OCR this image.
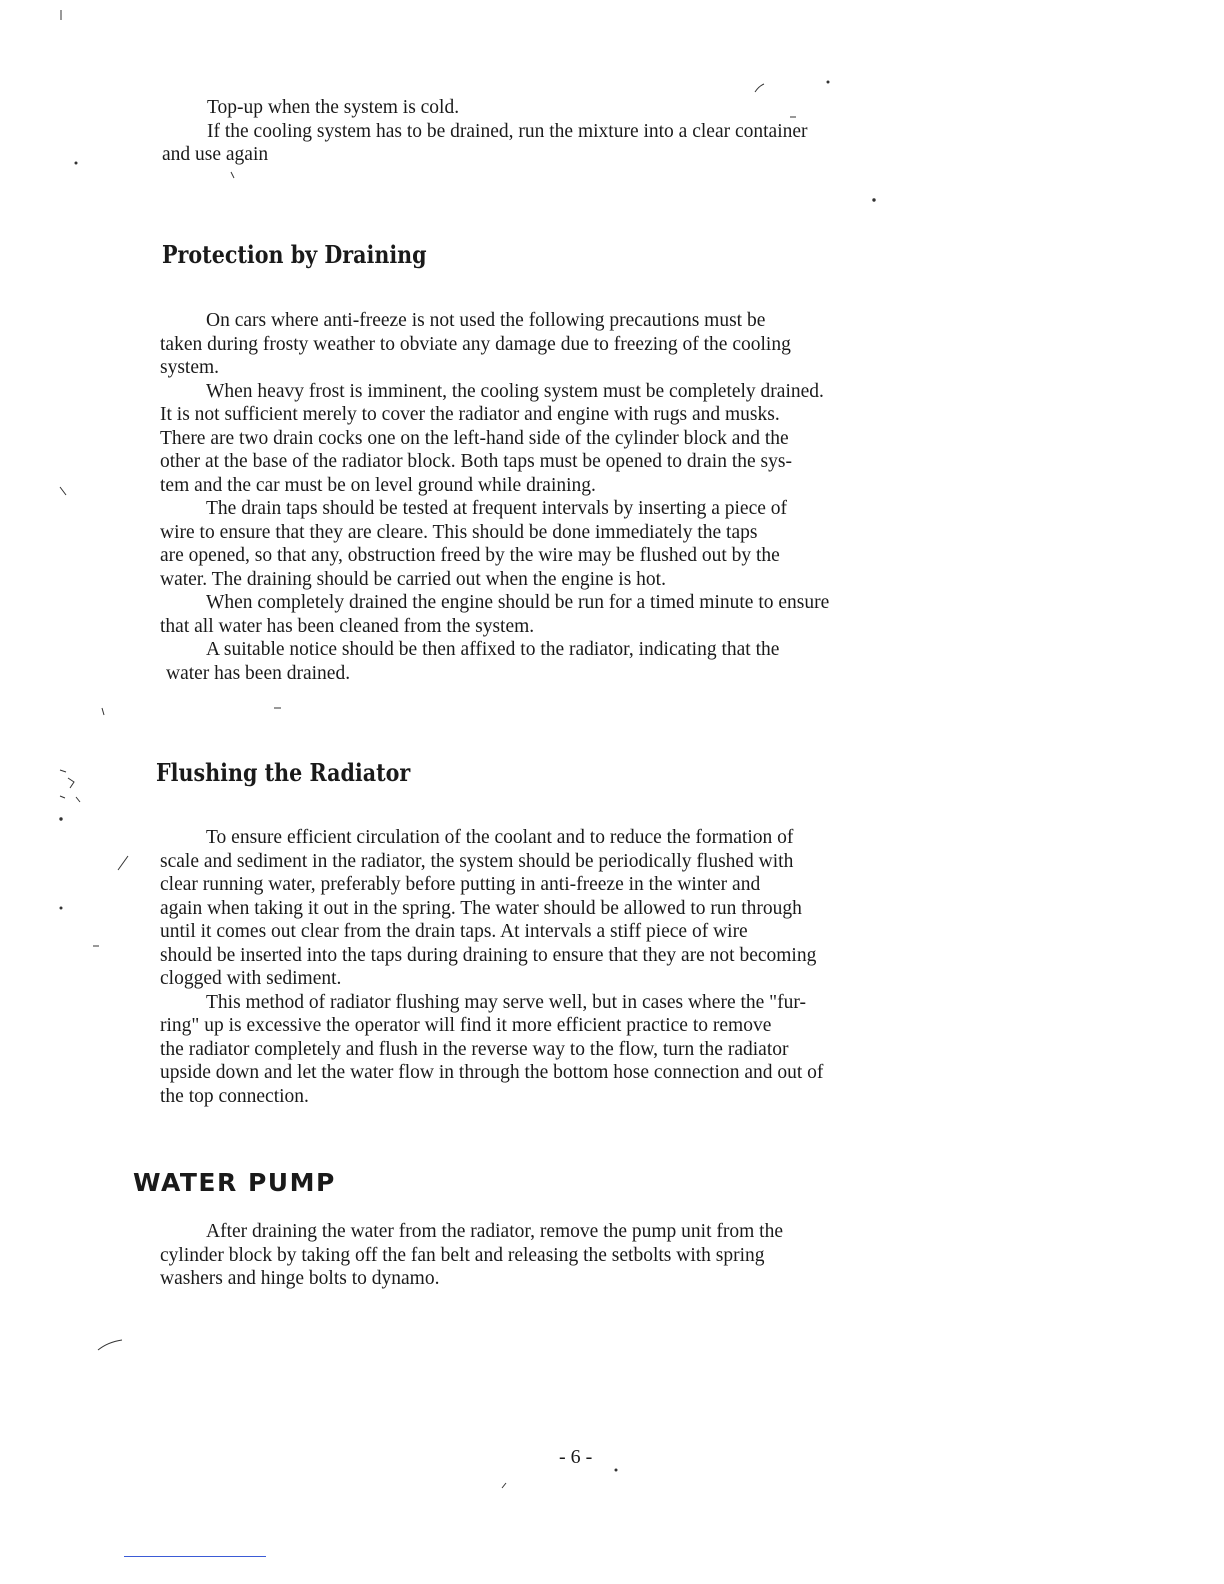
Top-up when the system is cold.
If the cooling system has to be drained, run the mixture into a clear container
and use again
Protection by Draining
On cars where anti-freeze is not used the following precautions must be
taken during frosty weather to obviate any damage due to freezing of the cooling
system.
When heavy frost is imminent, the cooling system must be completely drained.
It is not sufficient merely to cover the radiator and engine with rugs and musks.
There are two drain cocks one on the left-hand side of the cylinder block and the
other at the base of the radiator block. Both taps must be opened to drain the sys-
tem and the car must be on level ground while draining.
The drain taps should be tested at frequent intervals by inserting a piece of
wire to ensure that they are cleare. This should be done immediately the taps
are opened, so that any, obstruction freed by the wire may be flushed out by the
water. The draining should be carried out when the engine is hot.
When completely drained the engine should be run for a timed minute to ensure
that all water has been cleaned from the system.
A suitable notice should be then affixed to the radiator, indicating that the
water has been drained.
Flushing the Radiator
To ensure efficient circulation of the coolant and to reduce the formation of
scale and sediment in the radiator, the system should be periodically flushed with
clear running water, preferably before putting in anti-freeze in the winter and
again when taking it out in the spring. The water should be allowed to run through
until it comes out clear from the drain taps. At intervals a stiff piece of wire
should be inserted into the taps during draining to ensure that they are not becoming
clogged with sediment.
This method of radiator flushing may serve well, but in cases where the "fur-
ring" up is excessive the operator will find it more efficient practice to remove
the radiator completely and flush in the reverse way to the flow, turn the radiator
upside down and let the water flow in through the bottom hose connection and out of
the top connection.
WATER PUMP
After draining the water from the radiator, remove the pump unit from the
cylinder block by taking off the fan belt and releasing the setbolts with spring
washers and hinge bolts to dynamo.
- 6 -
